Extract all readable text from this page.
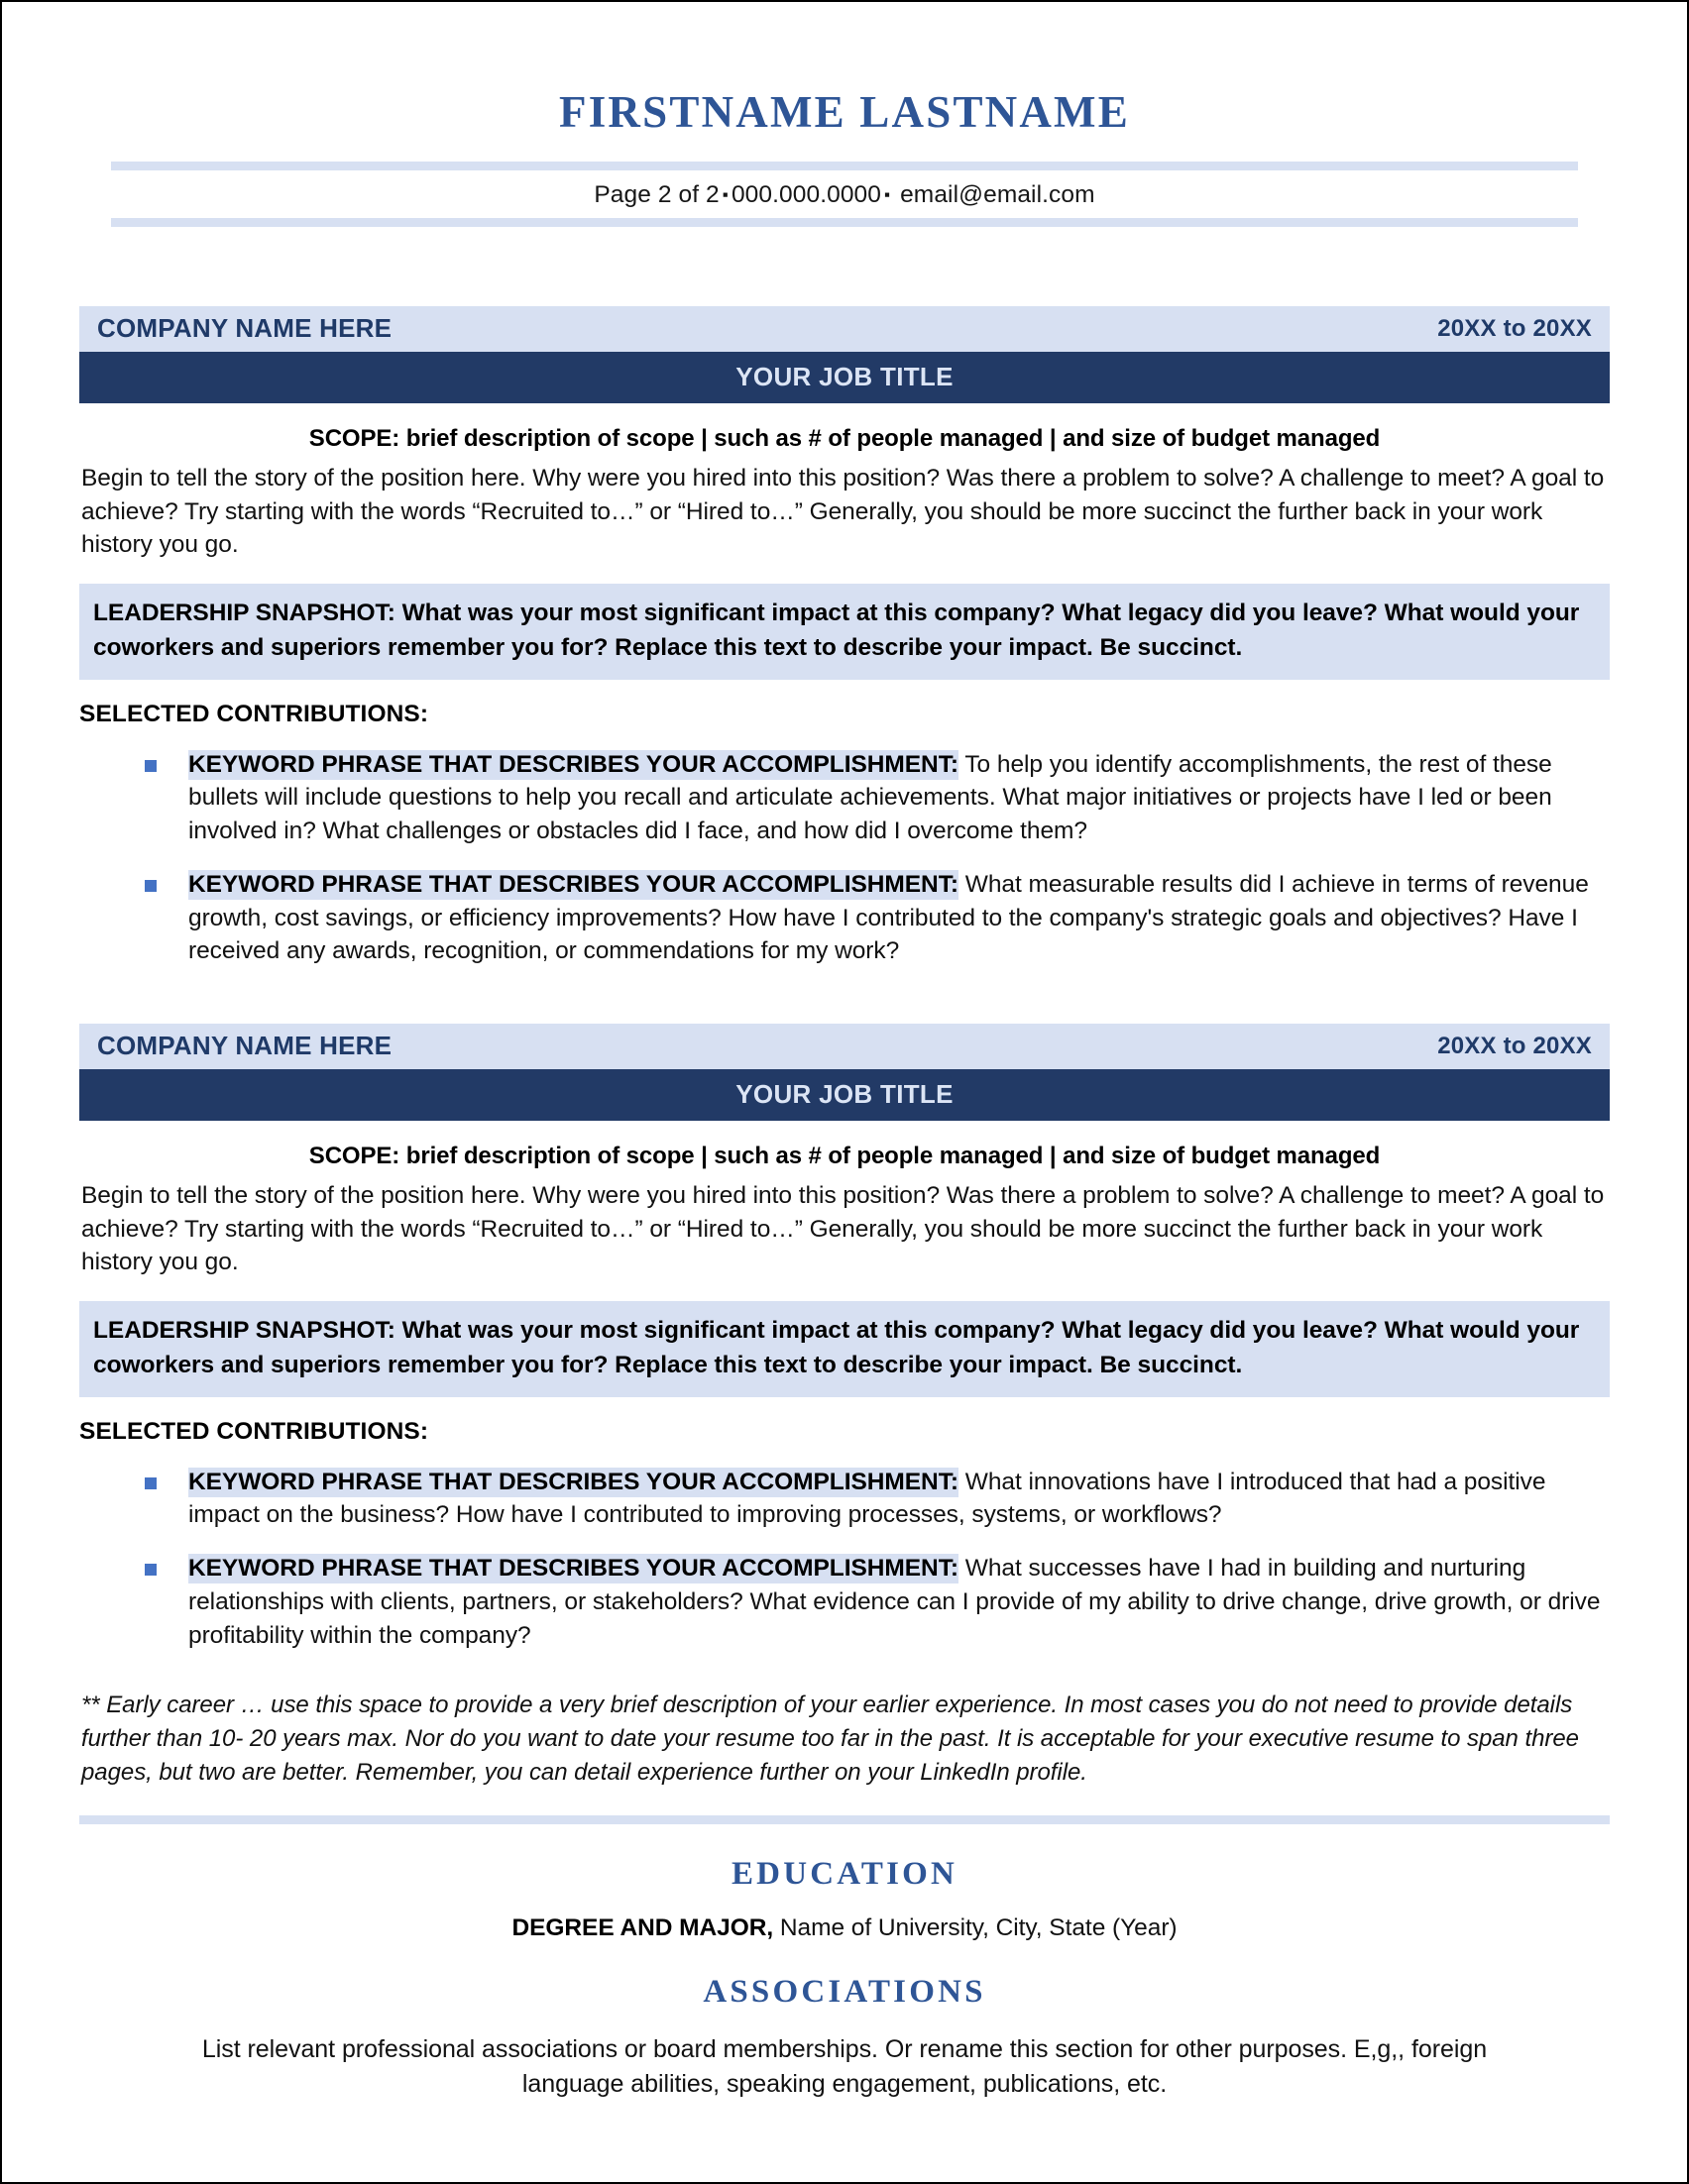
FIRSTNAME LASTNAME
Page 2 of 2 ▪ 000.000.0000 ▪ email@email.com
COMPANY NAME HERE	20XX to 20XX
YOUR JOB TITLE
SCOPE: brief description of scope | such as # of people managed | and size of budget managed
Begin to tell the story of the position here. Why were you hired into this position? Was there a problem to solve? A challenge to meet? A goal to achieve? Try starting with the words “Recruited to…” or “Hired to…” Generally, you should be more succinct the further back in your work history you go.
LEADERSHIP SNAPSHOT: What was your most significant impact at this company? What legacy did you leave? What would your coworkers and superiors remember you for? Replace this text to describe your impact. Be succinct.
SELECTED CONTRIBUTIONS:
KEYWORD PHRASE THAT DESCRIBES YOUR ACCOMPLISHMENT: To help you identify accomplishments, the rest of these bullets will include questions to help you recall and articulate achievements. What major initiatives or projects have I led or been involved in? What challenges or obstacles did I face, and how did I overcome them?
KEYWORD PHRASE THAT DESCRIBES YOUR ACCOMPLISHMENT: What measurable results did I achieve in terms of revenue growth, cost savings, or efficiency improvements? How have I contributed to the company's strategic goals and objectives? Have I received any awards, recognition, or commendations for my work?
COMPANY NAME HERE	20XX to 20XX
YOUR JOB TITLE
SCOPE: brief description of scope | such as # of people managed | and size of budget managed
Begin to tell the story of the position here. Why were you hired into this position? Was there a problem to solve? A challenge to meet? A goal to achieve? Try starting with the words “Recruited to…” or “Hired to…” Generally, you should be more succinct the further back in your work history you go.
LEADERSHIP SNAPSHOT: What was your most significant impact at this company? What legacy did you leave? What would your coworkers and superiors remember you for? Replace this text to describe your impact. Be succinct.
SELECTED CONTRIBUTIONS:
KEYWORD PHRASE THAT DESCRIBES YOUR ACCOMPLISHMENT: What innovations have I introduced that had a positive impact on the business? How have I contributed to improving processes, systems, or workflows?
KEYWORD PHRASE THAT DESCRIBES YOUR ACCOMPLISHMENT: What successes have I had in building and nurturing relationships with clients, partners, or stakeholders? What evidence can I provide of my ability to drive change, drive growth, or drive profitability within the company?
** Early career … use this space to provide a very brief description of your earlier experience. In most cases you do not need to provide details further than 10- 20 years max. Nor do you want to date your resume too far in the past. It is acceptable for your executive resume to span three pages, but two are better. Remember, you can detail experience further on your LinkedIn profile.
EDUCATION
DEGREE AND MAJOR, Name of University, City, State (Year)
ASSOCIATIONS
List relevant professional associations or board memberships. Or rename this section for other purposes. E,g,, foreign language abilities, speaking engagement, publications, etc.
